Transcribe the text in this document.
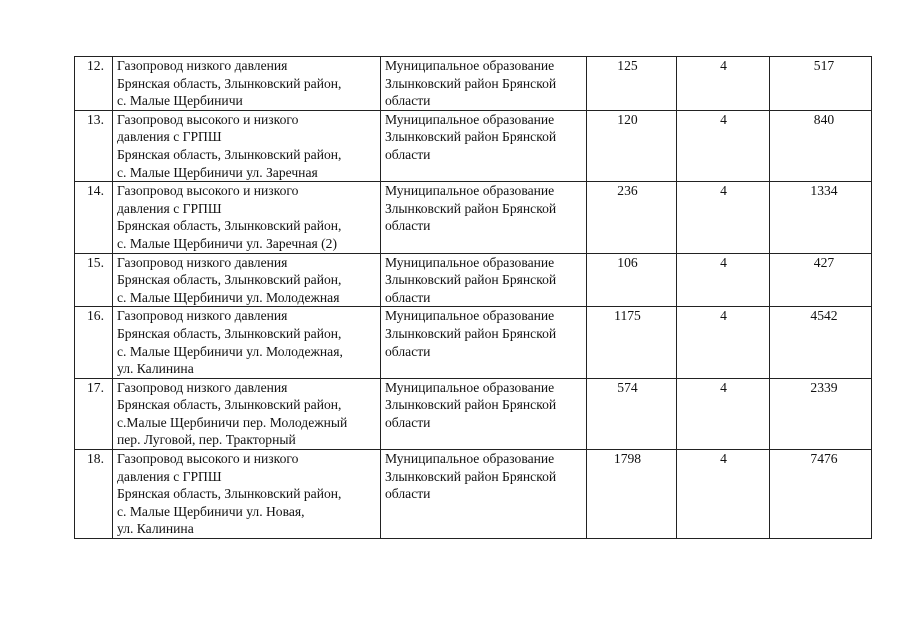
12.	Газопровод низкого давления
Брянская область, Злынковский район,
с. Малые Щербиничи	Муниципальное образование
Злынковский район Брянской
области	125	4	517
13.	Газопровод высокого и низкого
давления с ГРПШ
Брянская область, Злынковский район,
с. Малые Щербиничи ул. Заречная	Муниципальное образование
Злынковский район Брянской
области	120	4	840
14.	Газопровод высокого и низкого
давления с ГРПШ
Брянская область, Злынковский район,
с. Малые Щербиничи ул. Заречная (2)	Муниципальное образование
Злынковский район Брянской
области	236	4	1334
15.	Газопровод низкого давления
Брянская область, Злынковский район,
с. Малые Щербиничи ул. Молодежная	Муниципальное образование
Злынковский район Брянской
области	106	4	427
16.	Газопровод низкого давления
Брянская область, Злынковский район,
с. Малые Щербиничи ул. Молодежная,
ул. Калинина	Муниципальное образование
Злынковский район Брянской
области	1175	4	4542
17.	Газопровод низкого давления
Брянская область, Злынковский район,
с.Малые Щербиничи пер. Молодежный
пер. Луговой, пер. Тракторный	Муниципальное образование
Злынковский район Брянской
области	574	4	2339
18.	Газопровод высокого и низкого
давления с ГРПШ
Брянская область, Злынковский район,
с. Малые Щербиничи ул. Новая,
ул. Калинина	Муниципальное образование
Злынковский район Брянской
области	1798	4	7476
